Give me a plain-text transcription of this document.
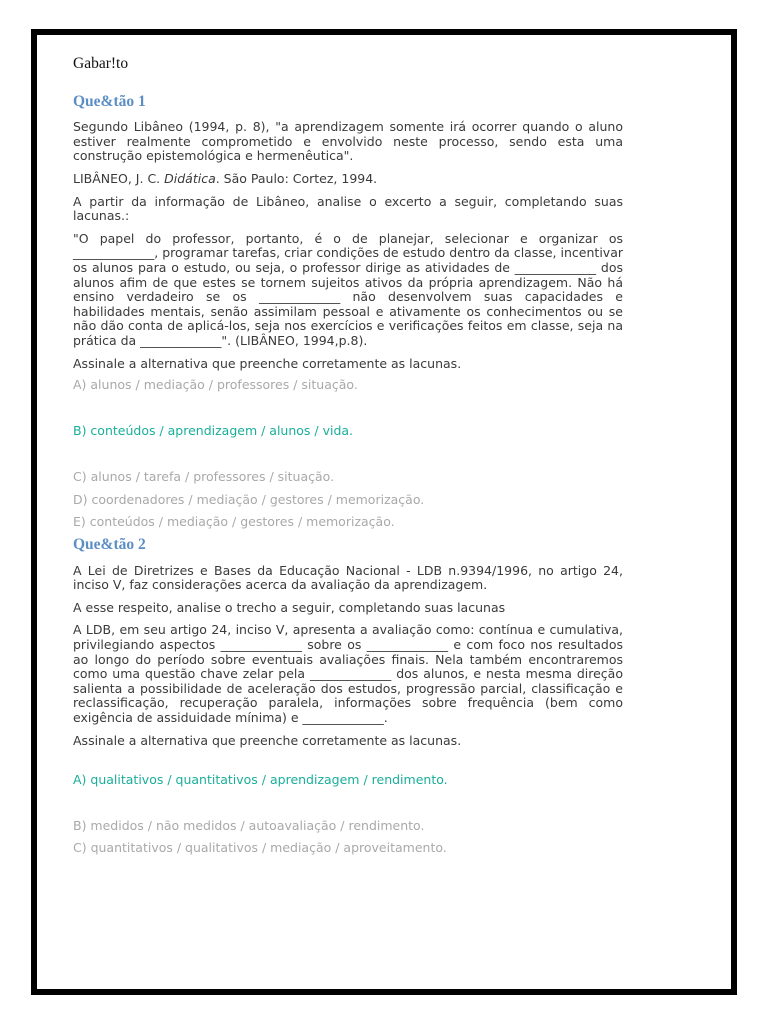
Gabar!to
Que&tão 1

Segundo Libâneo (1994, p. 8), "a aprendizagem somente irá ocorrer quando o aluno estiver realmente comprometido e envolvido neste processo, sendo esta uma construção epistemológica e hermenêutica".

LIBÂNEO, J. C. Didática. São Paulo: Cortez, 1994.

A partir da informação de Libâneo, analise o excerto a seguir, completando suas lacunas.:

"O papel do professor, portanto, é o de planejar, selecionar e organizar os _____________, programar tarefas, criar condições de estudo dentro da classe, incentivar os alunos para o estudo, ou seja, o professor dirige as atividades de _____________ dos alunos afim de que estes se tornem sujeitos ativos da própria aprendizagem. Não há ensino verdadeiro se os _____________ não desenvolvem suas capacidades e habilidades mentais, senão assimilam pessoal e ativamente os conhecimentos ou se não dão conta de aplicá-los, seja nos exercícios e verificações feitos em classe, seja na prática da _____________". (LIBÂNEO, 1994,p.8).

Assinale a alternativa que preenche corretamente as lacunas.

A) alunos / mediação / professores / situação.
B) conteúdos / aprendizagem / alunos / vida.
C) alunos / tarefa / professores / situação.
D) coordenadores / mediação / gestores / memorização.
E) conteúdos / mediação / gestores / memorização.
Que&tão 2

A Lei de Diretrizes e Bases da Educação Nacional - LDB n.9394/1996, no artigo 24, inciso V, faz considerações acerca da avaliação da aprendizagem.

A esse respeito, analise o trecho a seguir, completando suas lacunas

A LDB, em seu artigo 24, inciso V, apresenta a avaliação como: contínua e cumulativa, privilegiando aspectos _____________ sobre os _____________ e com foco nos resultados ao longo do período sobre eventuais avaliações finais. Nela também encontraremos como uma questão chave zelar pela _____________ dos alunos, e nesta mesma direção salienta a possibilidade de aceleração dos estudos, progressão parcial, classificação e reclassificação, recuperação paralela, informações sobre frequência (bem como exigência de assiduidade mínima) e _____________.

Assinale a alternativa que preenche corretamente as lacunas.

A) qualitativos / quantitativos / aprendizagem / rendimento.
B) medidos / não medidos / autoavaliação / rendimento.
C) quantitativos / qualitativos / mediação / aproveitamento.
